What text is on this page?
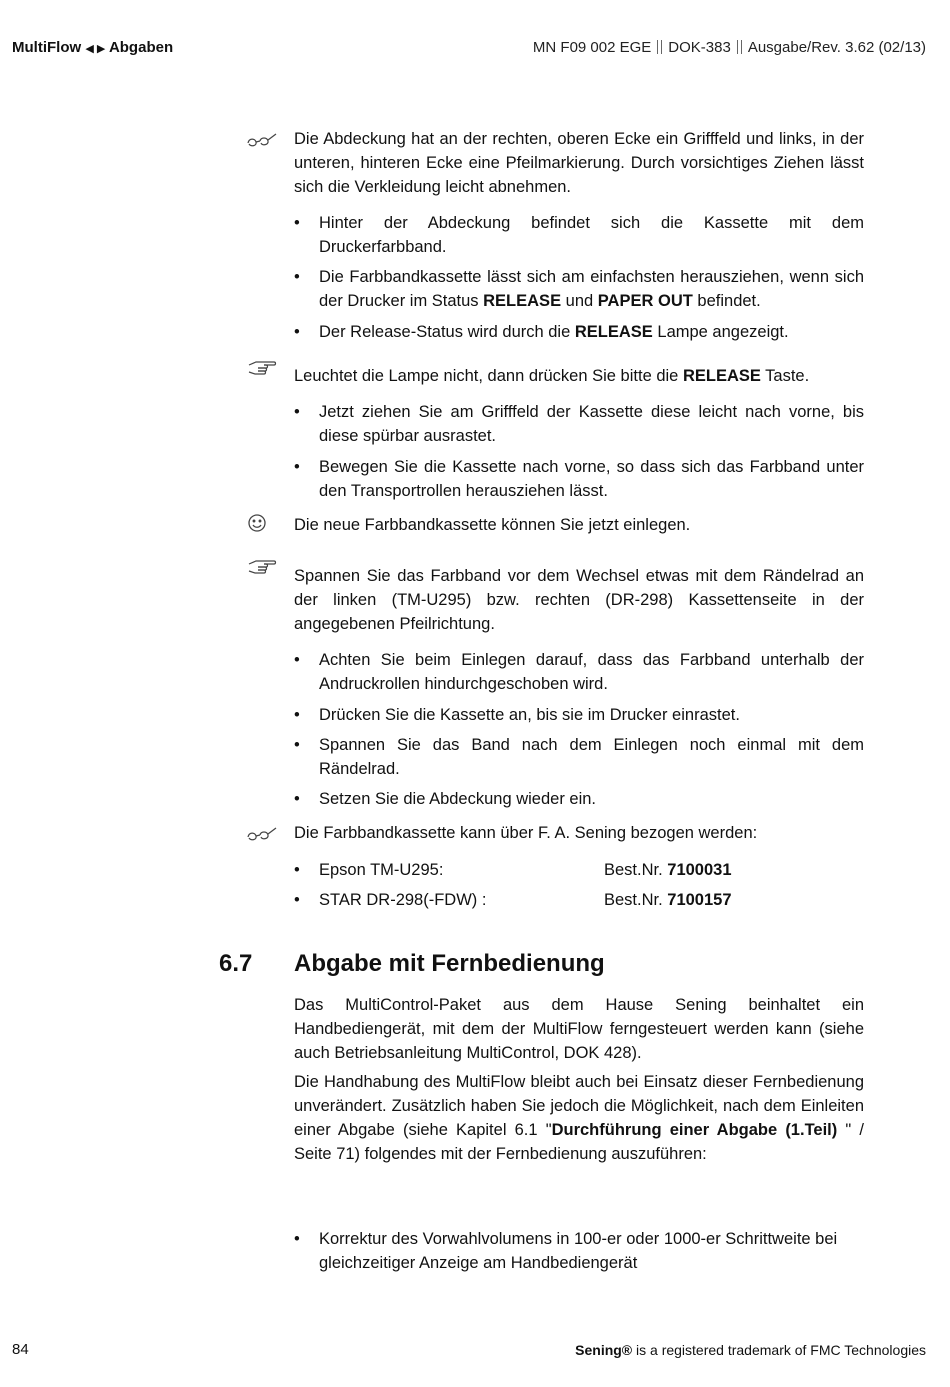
MultiFlow ◀ ▶ Abgaben	MN F09 002 EGE DOK-383 Ausgabe/Rev. 3.62 (02/13)
Die Abdeckung hat an der rechten, oberen Ecke ein Grifffeld und links, in der unteren, hinteren Ecke eine Pfeilmarkierung. Durch vorsichtiges Ziehen lässt sich die Verkleidung leicht abnehmen.
•	Hinter der Abdeckung befindet sich die Kassette mit dem Druckerfarbband.
•	Die Farbbandkassette lässt sich am einfachsten herausziehen, wenn sich der Drucker im Status RELEASE und PAPER OUT befindet.
•	Der Release-Status wird durch die RELEASE Lampe angezeigt.
Leuchtet die Lampe nicht, dann drücken Sie bitte die RELEASE Taste.
•	Jetzt ziehen Sie am Grifffeld der Kassette diese leicht nach vorne, bis diese spürbar ausrastet.
•	Bewegen Sie die Kassette nach vorne, so dass sich das Farbband unter den Transportrollen herausziehen lässt.
Die neue Farbbandkassette können Sie jetzt einlegen.
Spannen Sie das Farbband vor dem Wechsel etwas mit dem Rändelrad an der linken (TM-U295) bzw. rechten (DR-298) Kassettenseite in der angegebenen Pfeilrichtung.
•	Achten Sie beim Einlegen darauf, dass das Farbband unterhalb der Andruckrollen hindurchgeschoben wird.
•	Drücken Sie die Kassette an, bis sie im Drucker einrastet.
•	Spannen Sie das Band nach dem Einlegen noch einmal mit dem Rändelrad.
•	Setzen Sie die Abdeckung wieder ein.
Die Farbbandkassette kann über F. A. Sening bezogen werden:
•	Epson TM-U295:	Best.Nr. 7100031
•	STAR DR-298(-FDW) :	Best.Nr. 7100157
Das MultiControl-Paket aus dem Hause Sening beinhaltet ein Handbediengerät, mit dem der MultiFlow ferngesteuert werden kann (siehe auch Betriebsanleitung MultiControl, DOK 428).
Die Handhabung des MultiFlow bleibt auch bei Einsatz dieser Fernbedienung unverändert. Zusätzlich haben Sie jedoch die Möglichkeit, nach dem Einleiten einer Abgabe (siehe Kapitel 6.1 "Durchführung einer Abgabe (1.Teil) " / Seite 71) folgendes mit der Fernbedienung auszuführen:
•	Korrektur des Vorwahlvolumens in 100-er oder 1000-er Schrittweite bei gleichzeitiger Anzeige am Handbediengerät
6.7 Abgabe mit Fernbedienung
84	Sening® is a registered trademark of FMC Technologies
